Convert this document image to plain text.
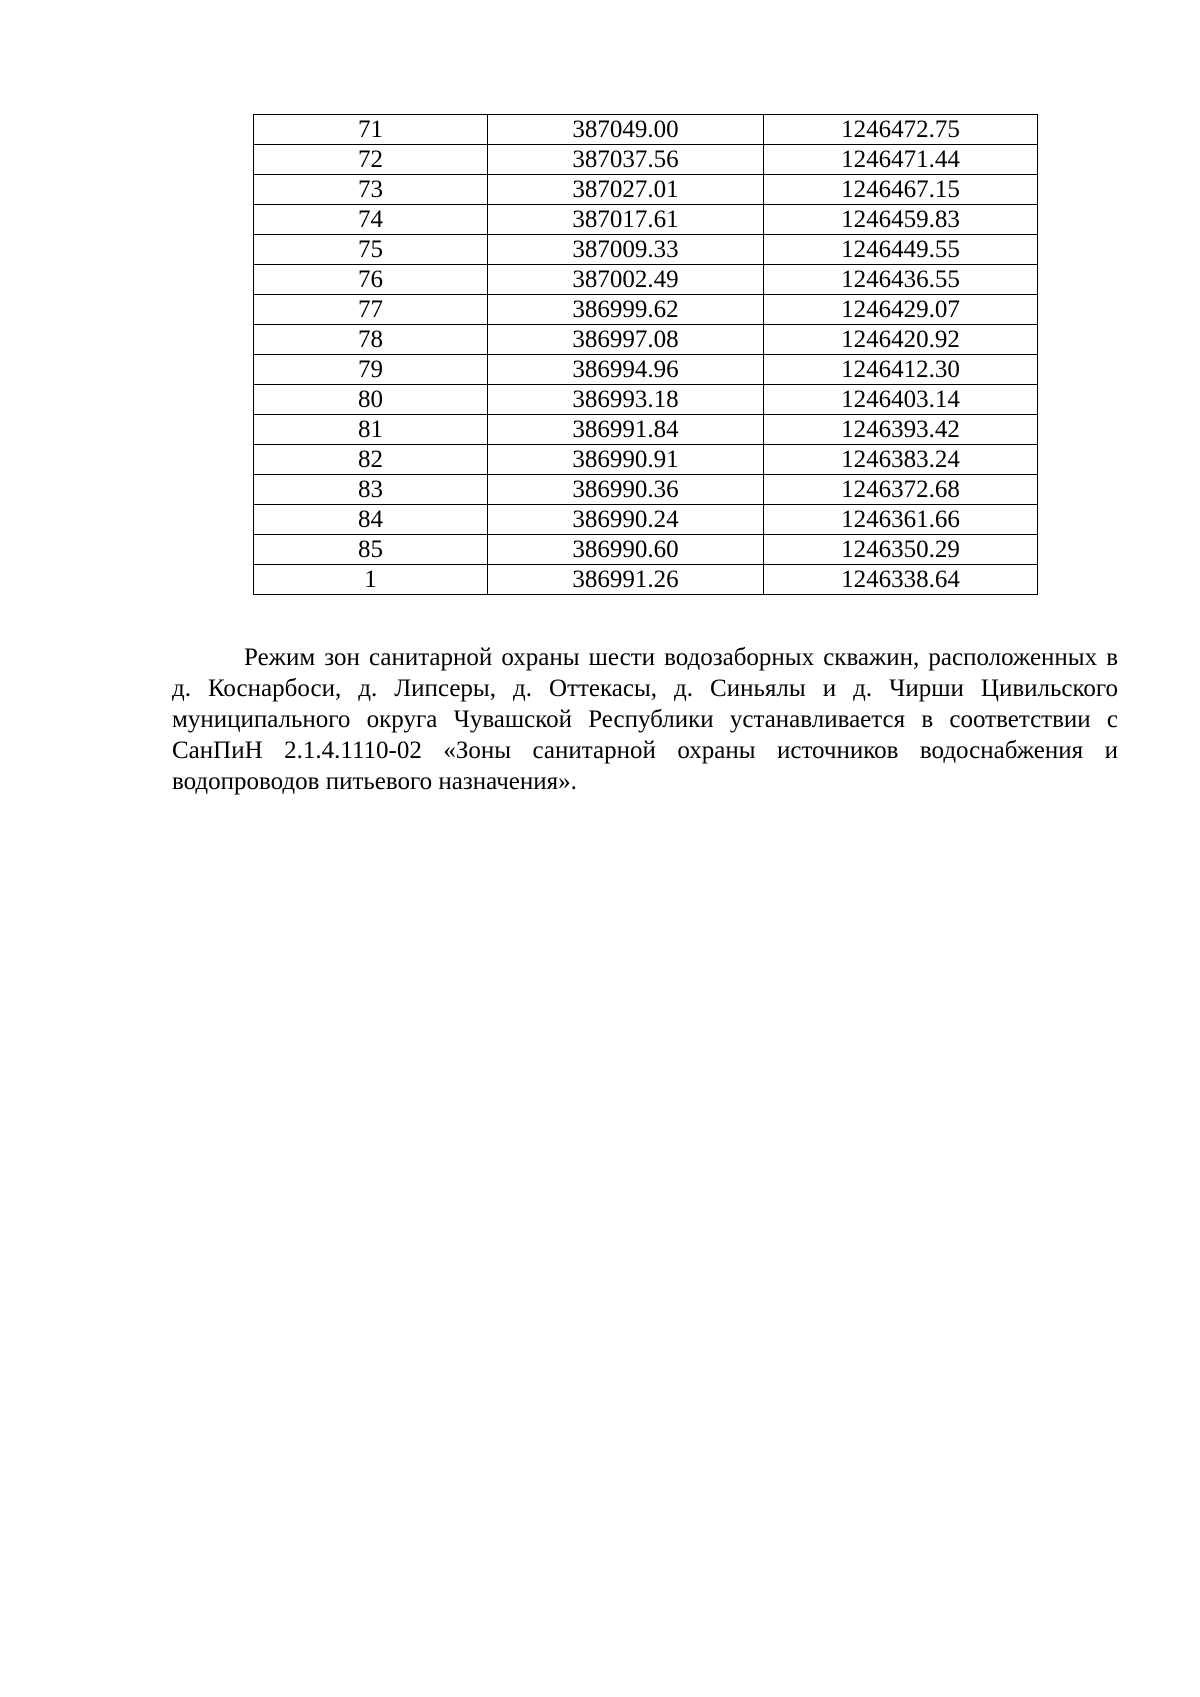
71	387049.00	1246472.75
72	387037.56	1246471.44
73	387027.01	1246467.15
74	387017.61	1246459.83
75	387009.33	1246449.55
76	387002.49	1246436.55
77	386999.62	1246429.07
78	386997.08	1246420.92
79	386994.96	1246412.30
80	386993.18	1246403.14
81	386991.84	1246393.42
82	386990.91	1246383.24
83	386990.36	1246372.68
84	386990.24	1246361.66
85	386990.60	1246350.29
1	386991.26	1246338.64

Режим зон санитарной охраны шести водозаборных скважин, расположенных в д. Коснарбоси, д. Липсеры, д. Оттекасы, д. Синьялы и д. Чирши Цивильского муниципального округа Чувашской Республики устанавливается в соответствии с СанПиН 2.1.4.1110-02 «Зоны санитарной охраны источников водоснабжения и водопроводов питьевого назначения».
